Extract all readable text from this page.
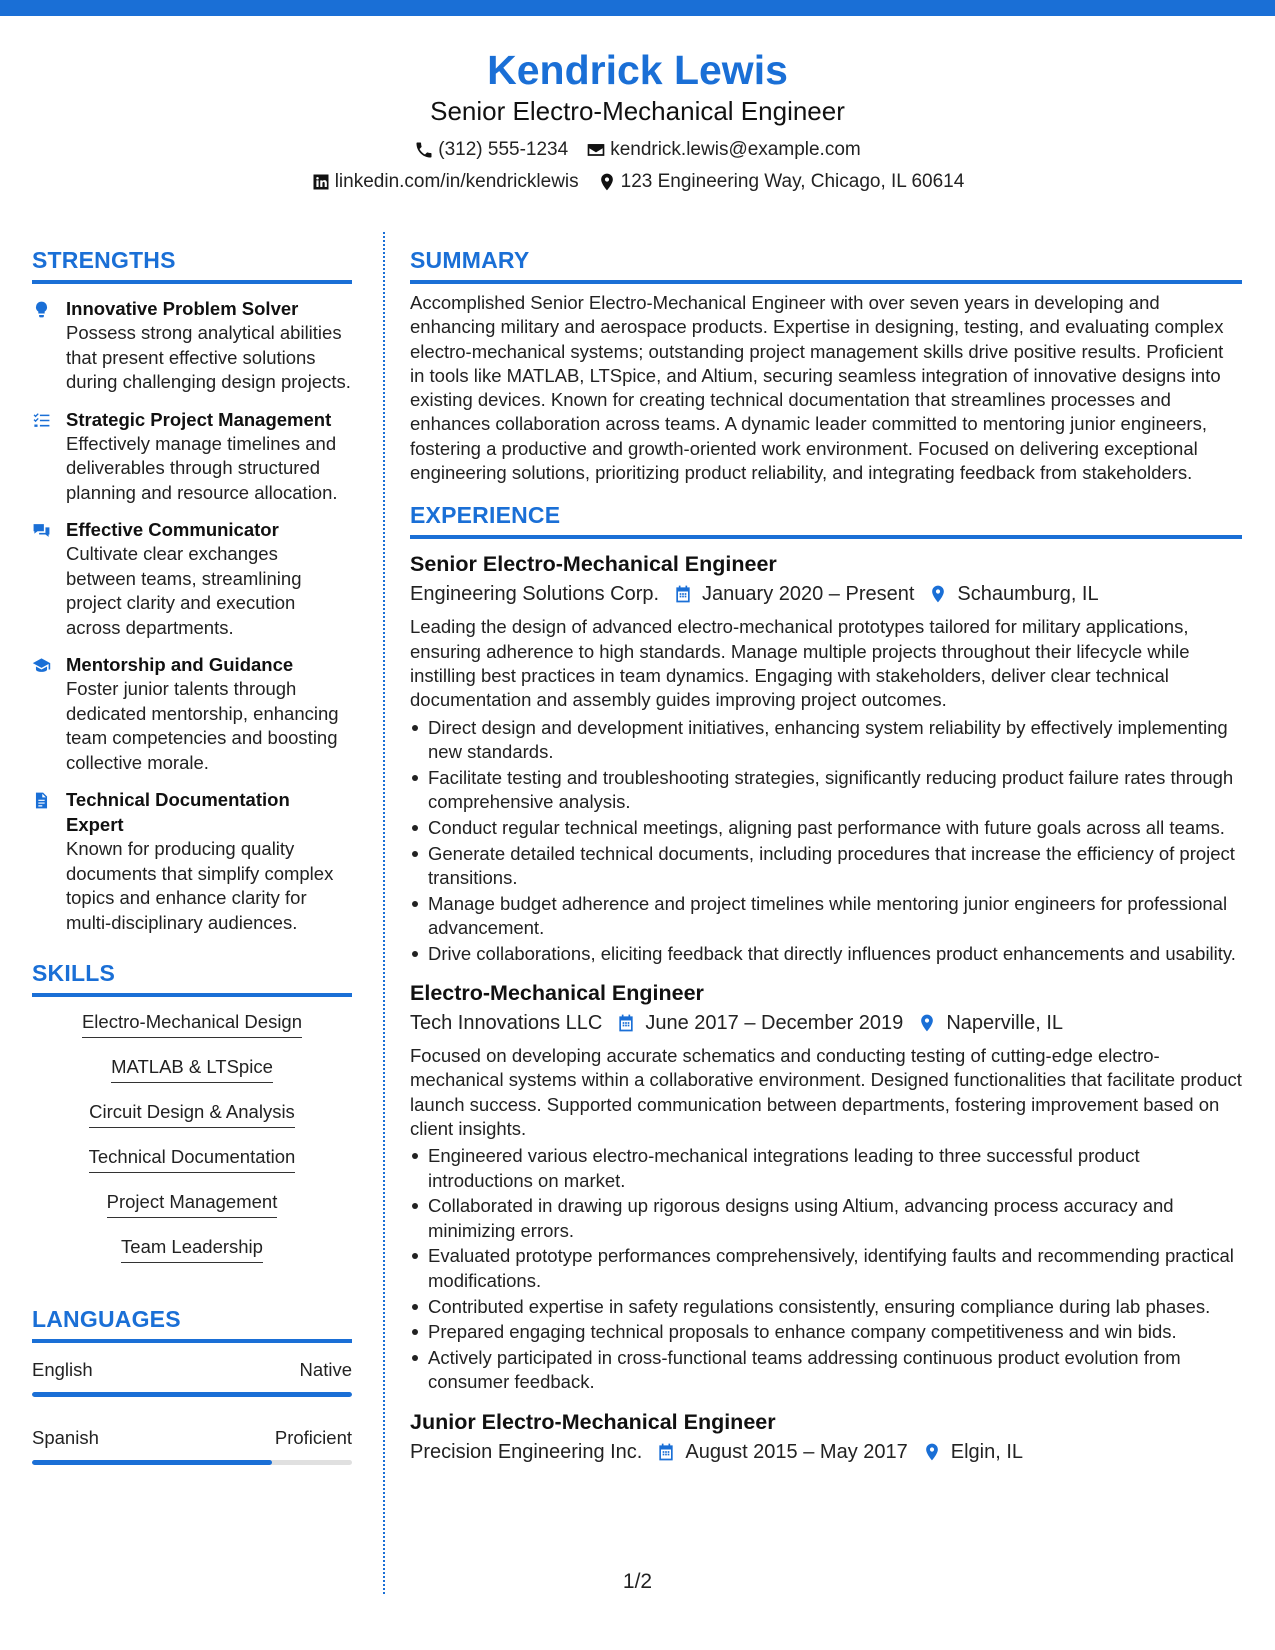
Kendrick Lewis
Senior Electro-Mechanical Engineer
(312) 555-1234 kendrick.lewis@example.com
linkedin.com/in/kendricklewis 123 Engineering Way, Chicago, IL 60614
STRENGTHS
Innovative Problem Solver
Possess strong analytical abilities that present effective solutions during challenging design projects.
Strategic Project Management
Effectively manage timelines and deliverables through structured planning and resource allocation.
Effective Communicator
Cultivate clear exchanges between teams, streamlining project clarity and execution across departments.
Mentorship and Guidance
Foster junior talents through dedicated mentorship, enhancing team competencies and boosting collective morale.
Technical Documentation Expert
Known for producing quality documents that simplify complex topics and enhance clarity for multi-disciplinary audiences.
SKILLS
Electro-Mechanical Design
MATLAB & LTSpice
Circuit Design & Analysis
Technical Documentation
Project Management
Team Leadership
LANGUAGES
English	Native
Spanish	Proficient
SUMMARY

Accomplished Senior Electro-Mechanical Engineer with over seven years in developing and enhancing military and aerospace products. Expertise in designing, testing, and evaluating complex electro-mechanical systems; outstanding project management skills drive positive results. Proficient in tools like MATLAB, LTSpice, and Altium, securing seamless integration of innovative designs into existing devices. Known for creating technical documentation that streamlines processes and enhances collaboration across teams. A dynamic leader committed to mentoring junior engineers, fostering a productive and growth-oriented work environment. Focused on delivering exceptional engineering solutions, prioritizing product reliability, and integrating feedback from stakeholders.

EXPERIENCE
Senior Electro-Mechanical Engineer
Engineering Solutions Corp. January 2020 – Present Schaumburg, IL

Leading the design of advanced electro-mechanical prototypes tailored for military applications, ensuring adherence to high standards. Manage multiple projects throughout their lifecycle while instilling best practices in team dynamics. Engaging with stakeholders, deliver clear technical documentation and assembly guides improving project outcomes.

Direct design and development initiatives, enhancing system reliability by effectively implementing new standards.
Facilitate testing and troubleshooting strategies, significantly reducing product failure rates through comprehensive analysis.
Conduct regular technical meetings, aligning past performance with future goals across all teams.
Generate detailed technical documents, including procedures that increase the efficiency of project transitions.
Manage budget adherence and project timelines while mentoring junior engineers for professional advancement.
Drive collaborations, eliciting feedback that directly influences product enhancements and usability.
Electro-Mechanical Engineer
Tech Innovations LLC June 2017 – December 2019 Naperville, IL

Focused on developing accurate schematics and conducting testing of cutting-edge electro-mechanical systems within a collaborative environment. Designed functionalities that facilitate product launch success. Supported communication between departments, fostering improvement based on client insights.

Engineered various electro-mechanical integrations leading to three successful product introductions on market.
Collaborated in drawing up rigorous designs using Altium, advancing process accuracy and minimizing errors.
Evaluated prototype performances comprehensively, identifying faults and recommending practical modifications.
Contributed expertise in safety regulations consistently, ensuring compliance during lab phases.
Prepared engaging technical proposals to enhance company competitiveness and win bids.
Actively participated in cross-functional teams addressing continuous product evolution from consumer feedback.
Junior Electro-Mechanical Engineer
Precision Engineering Inc. August 2015 – May 2017 Elgin, IL
1/2
